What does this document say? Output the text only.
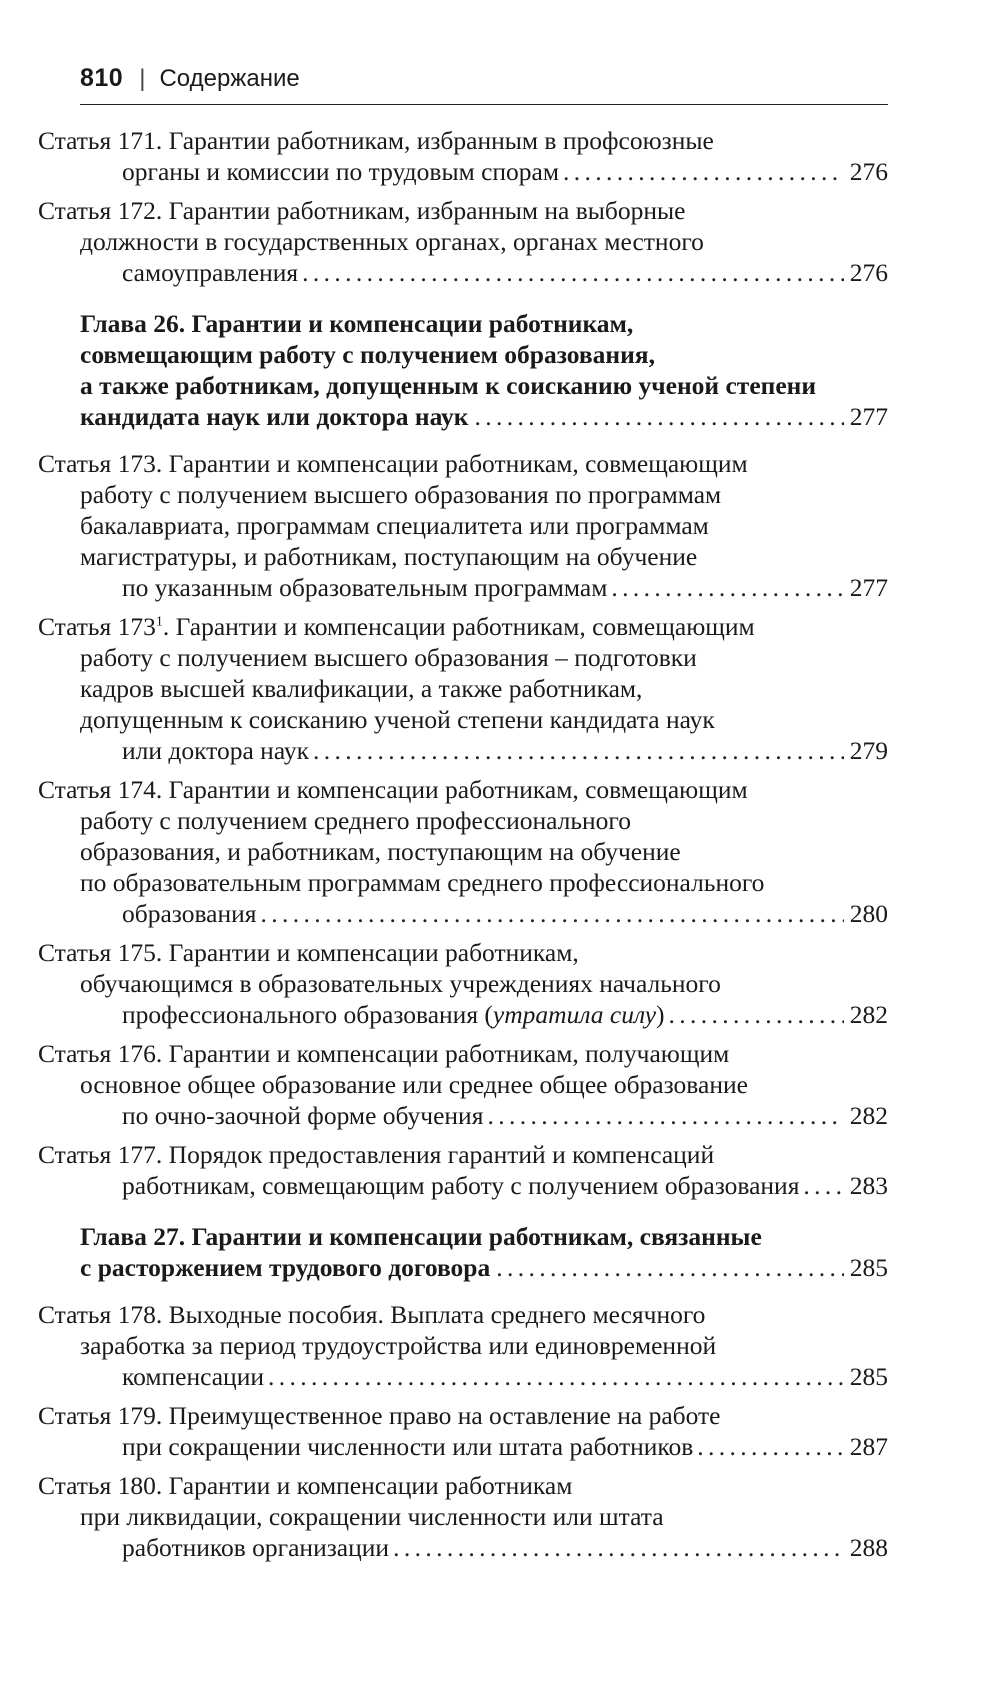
810 | Содержание
Статья 171. Гарантии работникам, избранным в профсоюзные
органы и комиссии по трудовым спорам . . .	276
Статья 172. Гарантии работникам, избранным на выборные
должности в государственных органах, органах местного
самоуправления . . .	276
Глава 26. Гарантии и компенсации работникам,
совмещающим работу с получением образования,
а также работникам, допущенным к соисканию ученой степени
кандидата наук или доктора наук . . .	277
Статья 173. Гарантии и компенсации работникам, совмещающим
работу с получением высшего образования по программам
бакалавриата, программам специалитета или программам
магистратуры, и работникам, поступающим на обучение
по указанным образовательным программам . . .	277
Статья $173^1$. Гарантии и компенсации работникам, совмещающим
работу с получением высшего образования – подготовки
кадров высшей квалификации, а также работникам,
допущенным к соисканию ученой степени кандидата наук
или доктора наук . . .	279
Статья 174. Гарантии и компенсации работникам, совмещающим
работу с получением среднего профессионального
образования, и работникам, поступающим на обучение
по образовательным программам среднего профессионального
образования . . .	280
Статья 175. Гарантии и компенсации работникам,
обучающимся в образовательных учреждениях начального
профессионального образования (утратила силу) . . .	282
Статья 176. Гарантии и компенсации работникам, получающим
основное общее образование или среднее общее образование
по очно-заочной форме обучения . . .	282
Статья 177. Порядок предоставления гарантий и компенсаций
работникам, совмещающим работу с получением образования . . . 283
Глава 27. Гарантии и компенсации работникам, связанные
с расторжением трудового договора . . .	285
Статья 178. Выходные пособия. Выплата среднего месячного
заработка за период трудоустройства или единовременной
компенсации . . .	285
Статья 179. Преимущественное право на оставление на работе
при сокращении численности или штата работников . . .	287
Статья 180. Гарантии и компенсации работникам
при ликвидации, сокращении численности или штата
работников организации . . .	288
